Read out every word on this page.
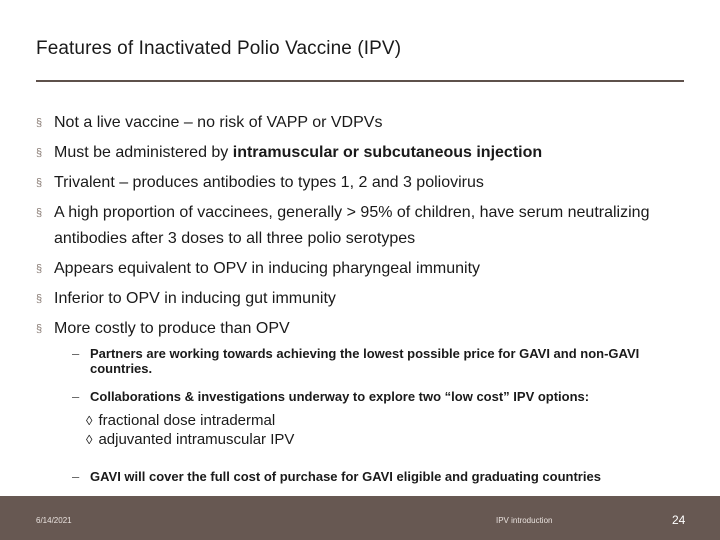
Features of Inactivated Polio Vaccine (IPV)
§ Not a live vaccine – no risk of VAPP or VDPVs
§ Must be administered by intramuscular or subcutaneous injection
§ Trivalent – produces antibodies to types 1, 2 and 3 poliovirus
§ A high proportion of vaccinees, generally > 95% of children, have serum neutralizing antibodies after 3 doses to all three polio serotypes
§ Appears equivalent to OPV in inducing pharyngeal immunity
§ Inferior to OPV in inducing gut immunity
§ More costly to produce than OPV
– Partners are working towards achieving the lowest possible price for GAVI and non-GAVI countries.
– Collaborations & investigations underway to explore two “low cost” IPV options:
◊ fractional dose intradermal
◊ adjuvanted intramuscular IPV
– GAVI will cover the full cost of purchase for GAVI eligible and graduating countries
6/14/2021	IPV introduction	24
